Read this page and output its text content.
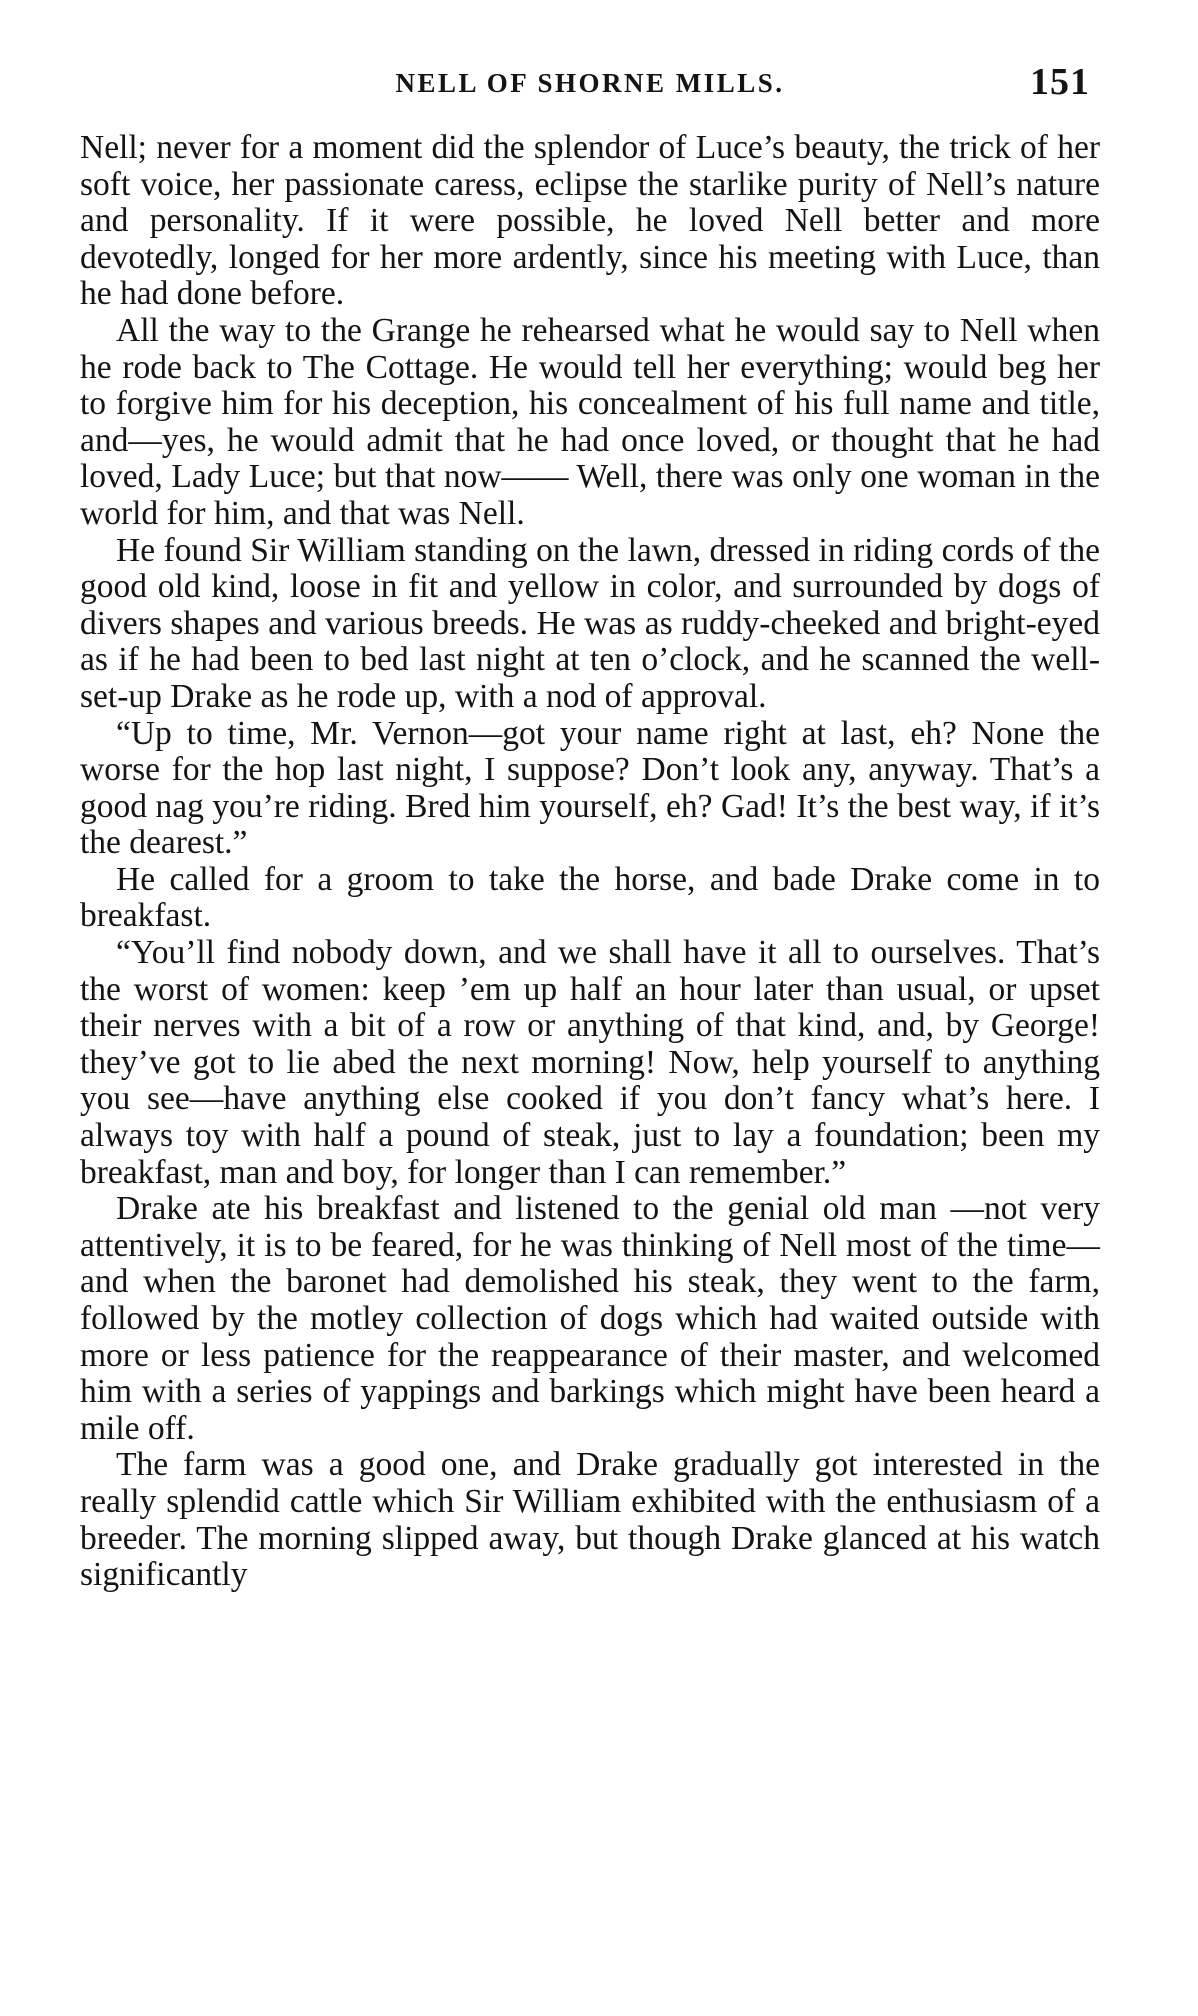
NELL OF SHORNE MILLS.	151

Nell; never for a moment did the splendor of Luce’s beauty, the trick of her soft voice, her passionate caress, eclipse the starlike purity of Nell’s nature and personality. If it were possible, he loved Nell better and more devotedly, longed for her more ardently, since his meeting with Luce, than he had done before.

All the way to the Grange he rehearsed what he would say to Nell when he rode back to The Cottage. He would tell her everything; would beg her to forgive him for his deception, his concealment of his full name and title, and—yes, he would admit that he had once loved, or thought that he had loved, Lady Luce; but that now—— Well, there was only one woman in the world for him, and that was Nell.

He found Sir William standing on the lawn, dressed in riding cords of the good old kind, loose in fit and yellow in color, and surrounded by dogs of divers shapes and various breeds. He was as ruddy-cheeked and bright-eyed as if he had been to bed last night at ten o’clock, and he scanned the well-set-up Drake as he rode up, with a nod of approval.

“Up to time, Mr. Vernon—got your name right at last, eh? None the worse for the hop last night, I suppose? Don’t look any, anyway. That’s a good nag you’re riding. Bred him yourself, eh? Gad! It’s the best way, if it’s the dearest.”

He called for a groom to take the horse, and bade Drake come in to breakfast.

“You’ll find nobody down, and we shall have it all to ourselves. That’s the worst of women: keep ’em up half an hour later than usual, or upset their nerves with a bit of a row or anything of that kind, and, by George! they’ve got to lie abed the next morning! Now, help yourself to anything you see—have anything else cooked if you don’t fancy what’s here. I always toy with half a pound of steak, just to lay a foundation; been my breakfast, man and boy, for longer than I can remember.”

Drake ate his breakfast and listened to the genial old man —not very attentively, it is to be feared, for he was thinking of Nell most of the time—and when the baronet had demolished his steak, they went to the farm, followed by the motley collection of dogs which had waited outside with more or less patience for the reappearance of their master, and welcomed him with a series of yappings and barkings which might have been heard a mile off.

The farm was a good one, and Drake gradually got interested in the really splendid cattle which Sir William exhibited with the enthusiasm of a breeder. The morning slipped away, but though Drake glanced at his watch significantly
